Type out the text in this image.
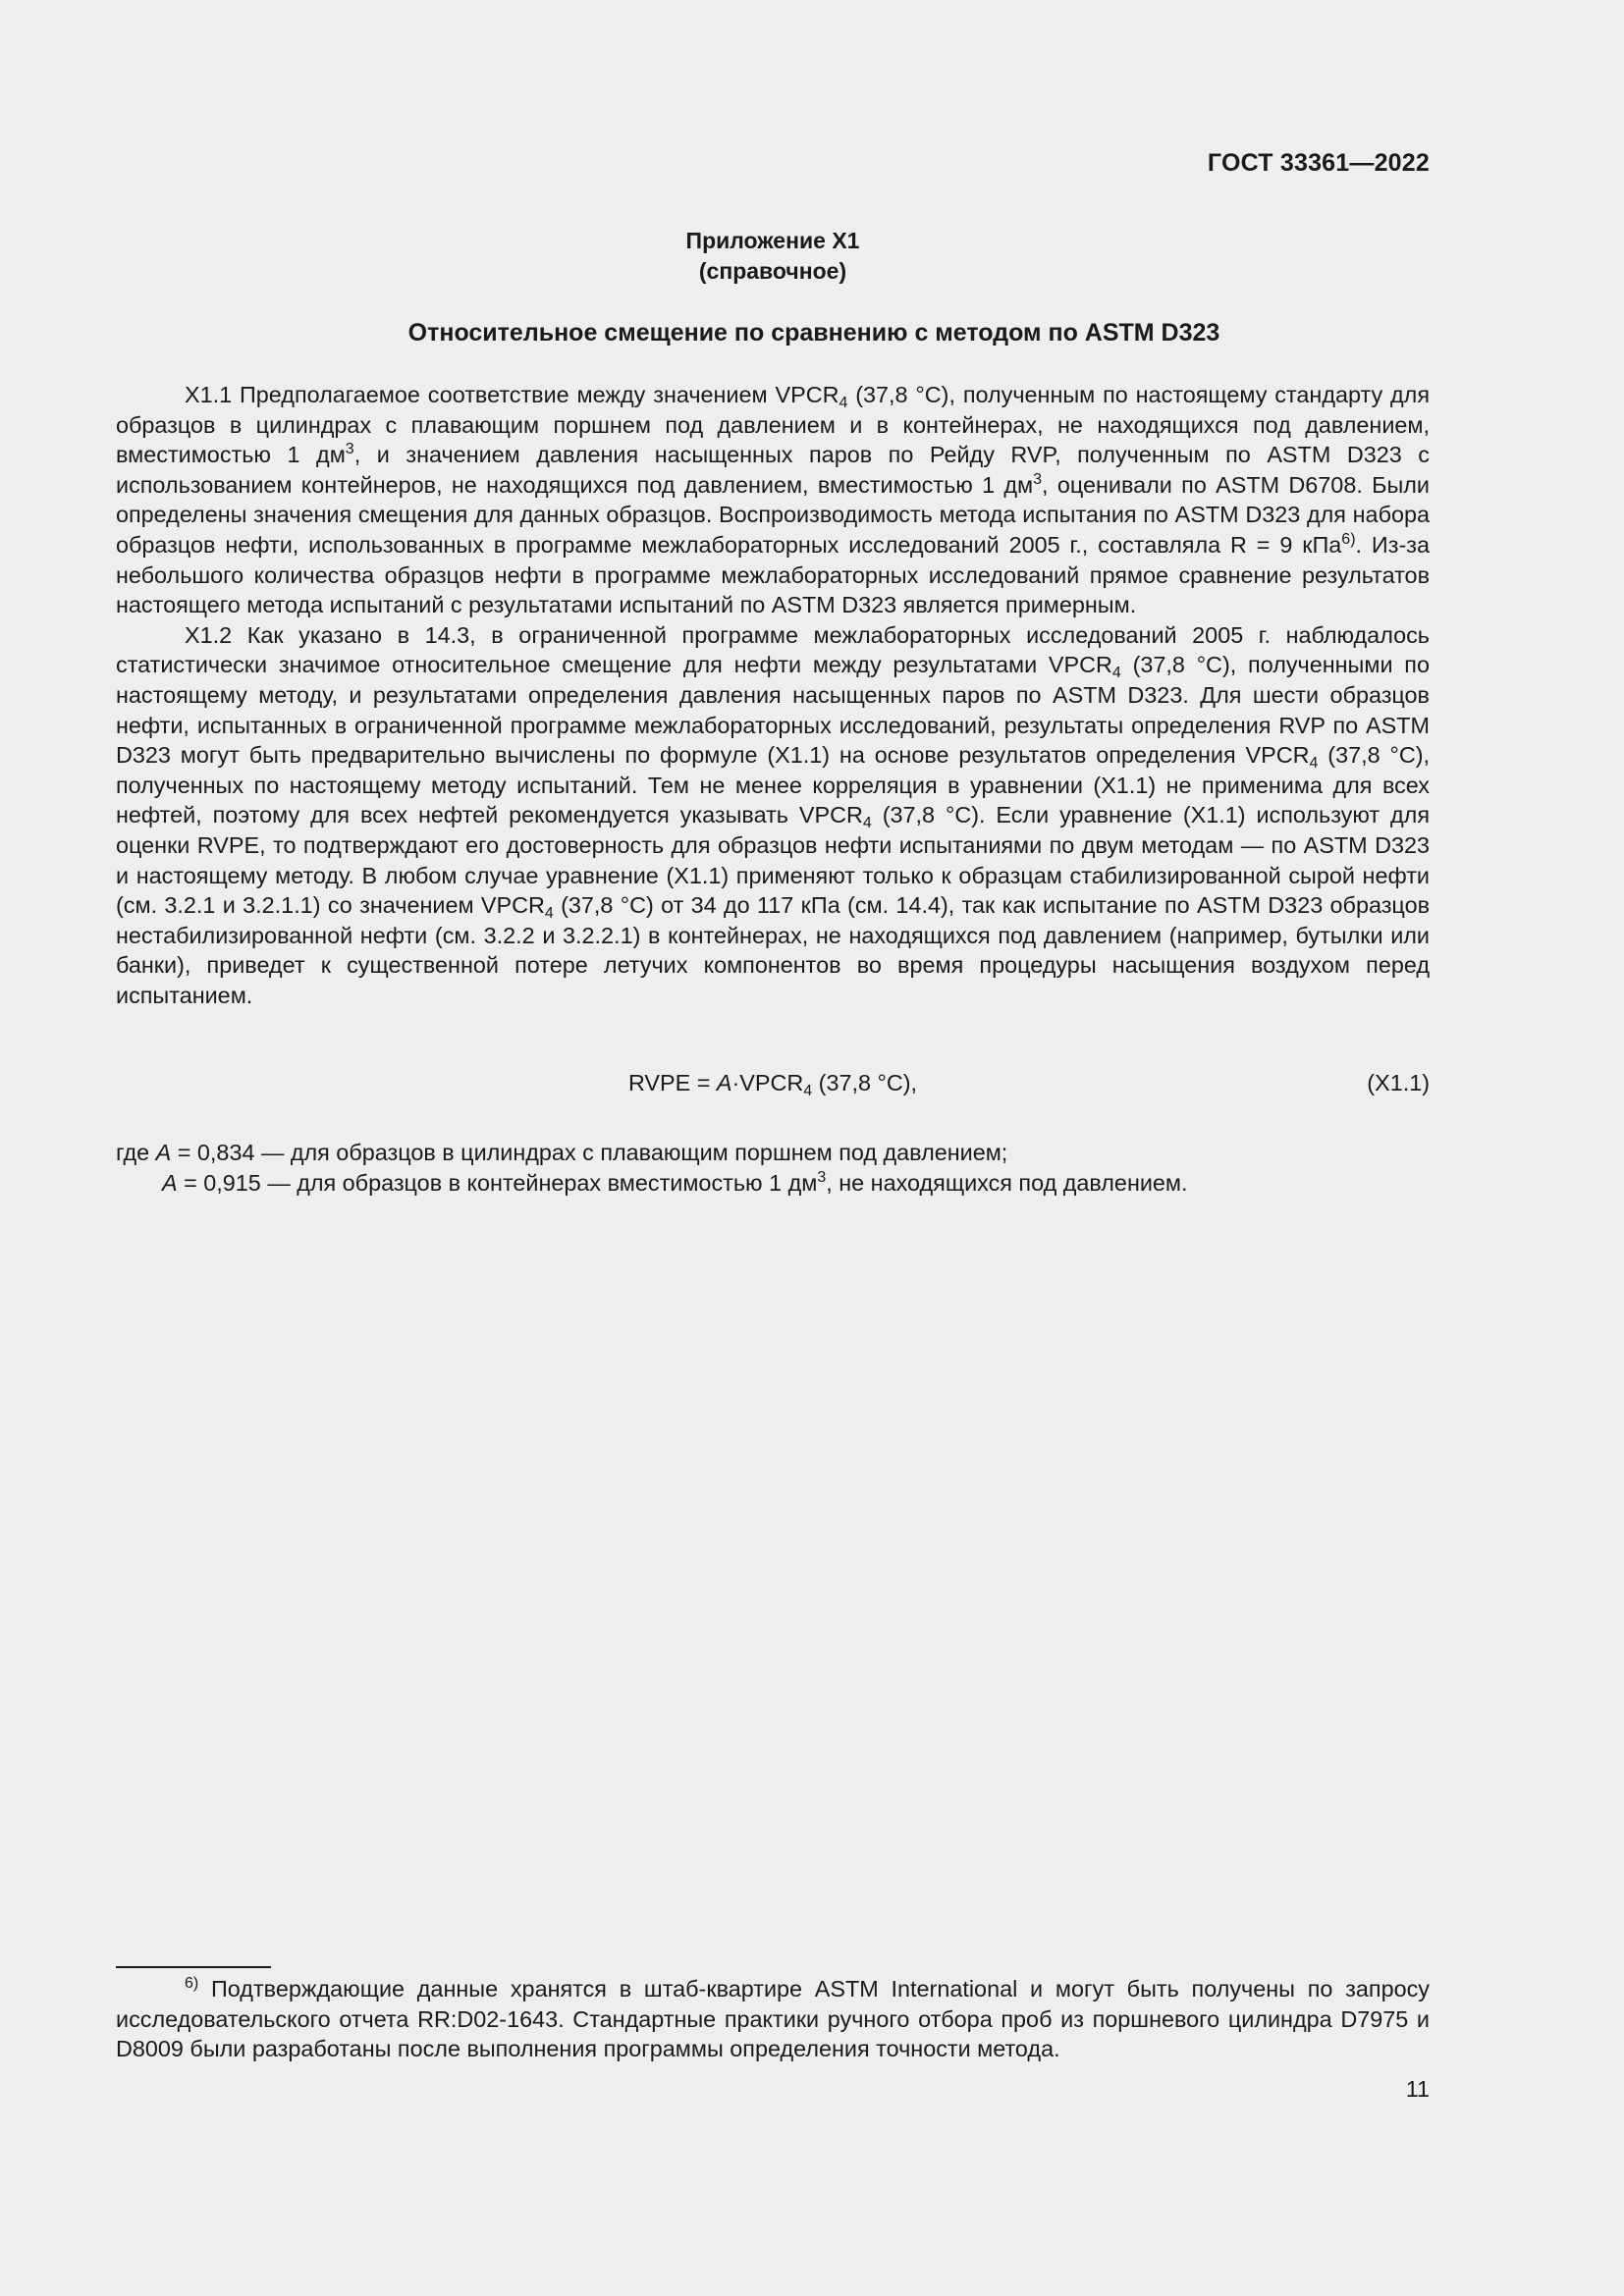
ГОСТ 33361—2022
Приложение X1
(справочное)
Относительное смещение по сравнению с методом по ASTM D323

X1.1 Предполагаемое соответствие между значением $VPCR_4$ (37,8 °С), полученным по настоящему стандарту для образцов в цилиндрах с плавающим поршнем под давлением и в контейнерах, не находящихся под давлением, вместимостью 1 $дм^3$, и значением давления насыщенных паров по Рейду RVP, полученным по ASTM D323 с использованием контейнеров, не находящихся под давлением, вместимостью 1 $дм^3$, оценивали по ASTM D6708. Были определены значения смещения для данных образцов. Воспроизводимость метода испытания по ASTM D323 для набора образцов нефти, использованных в программе межлабораторных исследований 2005 г., составляла R = 9 кПа$^{6)}$. Из-за небольшого количества образцов нефти в программе межлабораторных исследований прямое сравнение результатов настоящего метода испытаний с результатами испытаний по ASTM D323 является примерным.

X1.2 Как указано в 14.3, в ограниченной программе межлабораторных исследований 2005 г. наблюдалось статистически значимое относительное смещение для нефти между результатами $VPCR_4$ (37,8 °С), полученными по настоящему методу, и результатами определения давления насыщенных паров по ASTM D323. Для шести образцов нефти, испытанных в ограниченной программе межлабораторных исследований, результаты определения RVP по ASTM D323 могут быть предварительно вычислены по формуле (X1.1) на основе результатов определения $VPCR_4$ (37,8 °С), полученных по настоящему методу испытаний. Тем не менее корреляция в уравнении (X1.1) не применима для всех нефтей, поэтому для всех нефтей рекомендуется указывать $VPCR_4$ (37,8 °С). Если уравнение (X1.1) используют для оценки RVPE, то подтверждают его достоверность для образцов нефти испытаниями по двум методам — по ASTM D323 и настоящему методу. В любом случае уравнение (X1.1) применяют только к образцам стабилизированной сырой нефти (см. 3.2.1 и 3.2.1.1) со значением $VPCR_4$ (37,8 °С) от 34 до 117 кПа (см. 14.4), так как испытание по ASTM D323 образцов нестабилизированной нефти (см. 3.2.2 и 3.2.2.1) в контейнерах, не находящихся под давлением (например, бутылки или банки), приведет к существенной потере летучих компонентов во время процедуры насыщения воздухом перед испытанием.

RVPE = $A\cdot VPCR_4$ (37,8 °С),	(X1.1)
где A = 0,834 — для образцов в цилиндрах с плавающим поршнем под давлением;
A = 0,915 — для образцов в контейнерах вместимостью 1 $дм^3$, не находящихся под давлением.
$^{6)}$ Подтверждающие данные хранятся в штаб-квартире ASTM International и могут быть получены по запросу исследовательского отчета RR:D02-1643. Стандартные практики ручного отбора проб из поршневого цилиндра D7975 и D8009 были разработаны после выполнения программы определения точности метода.
11
